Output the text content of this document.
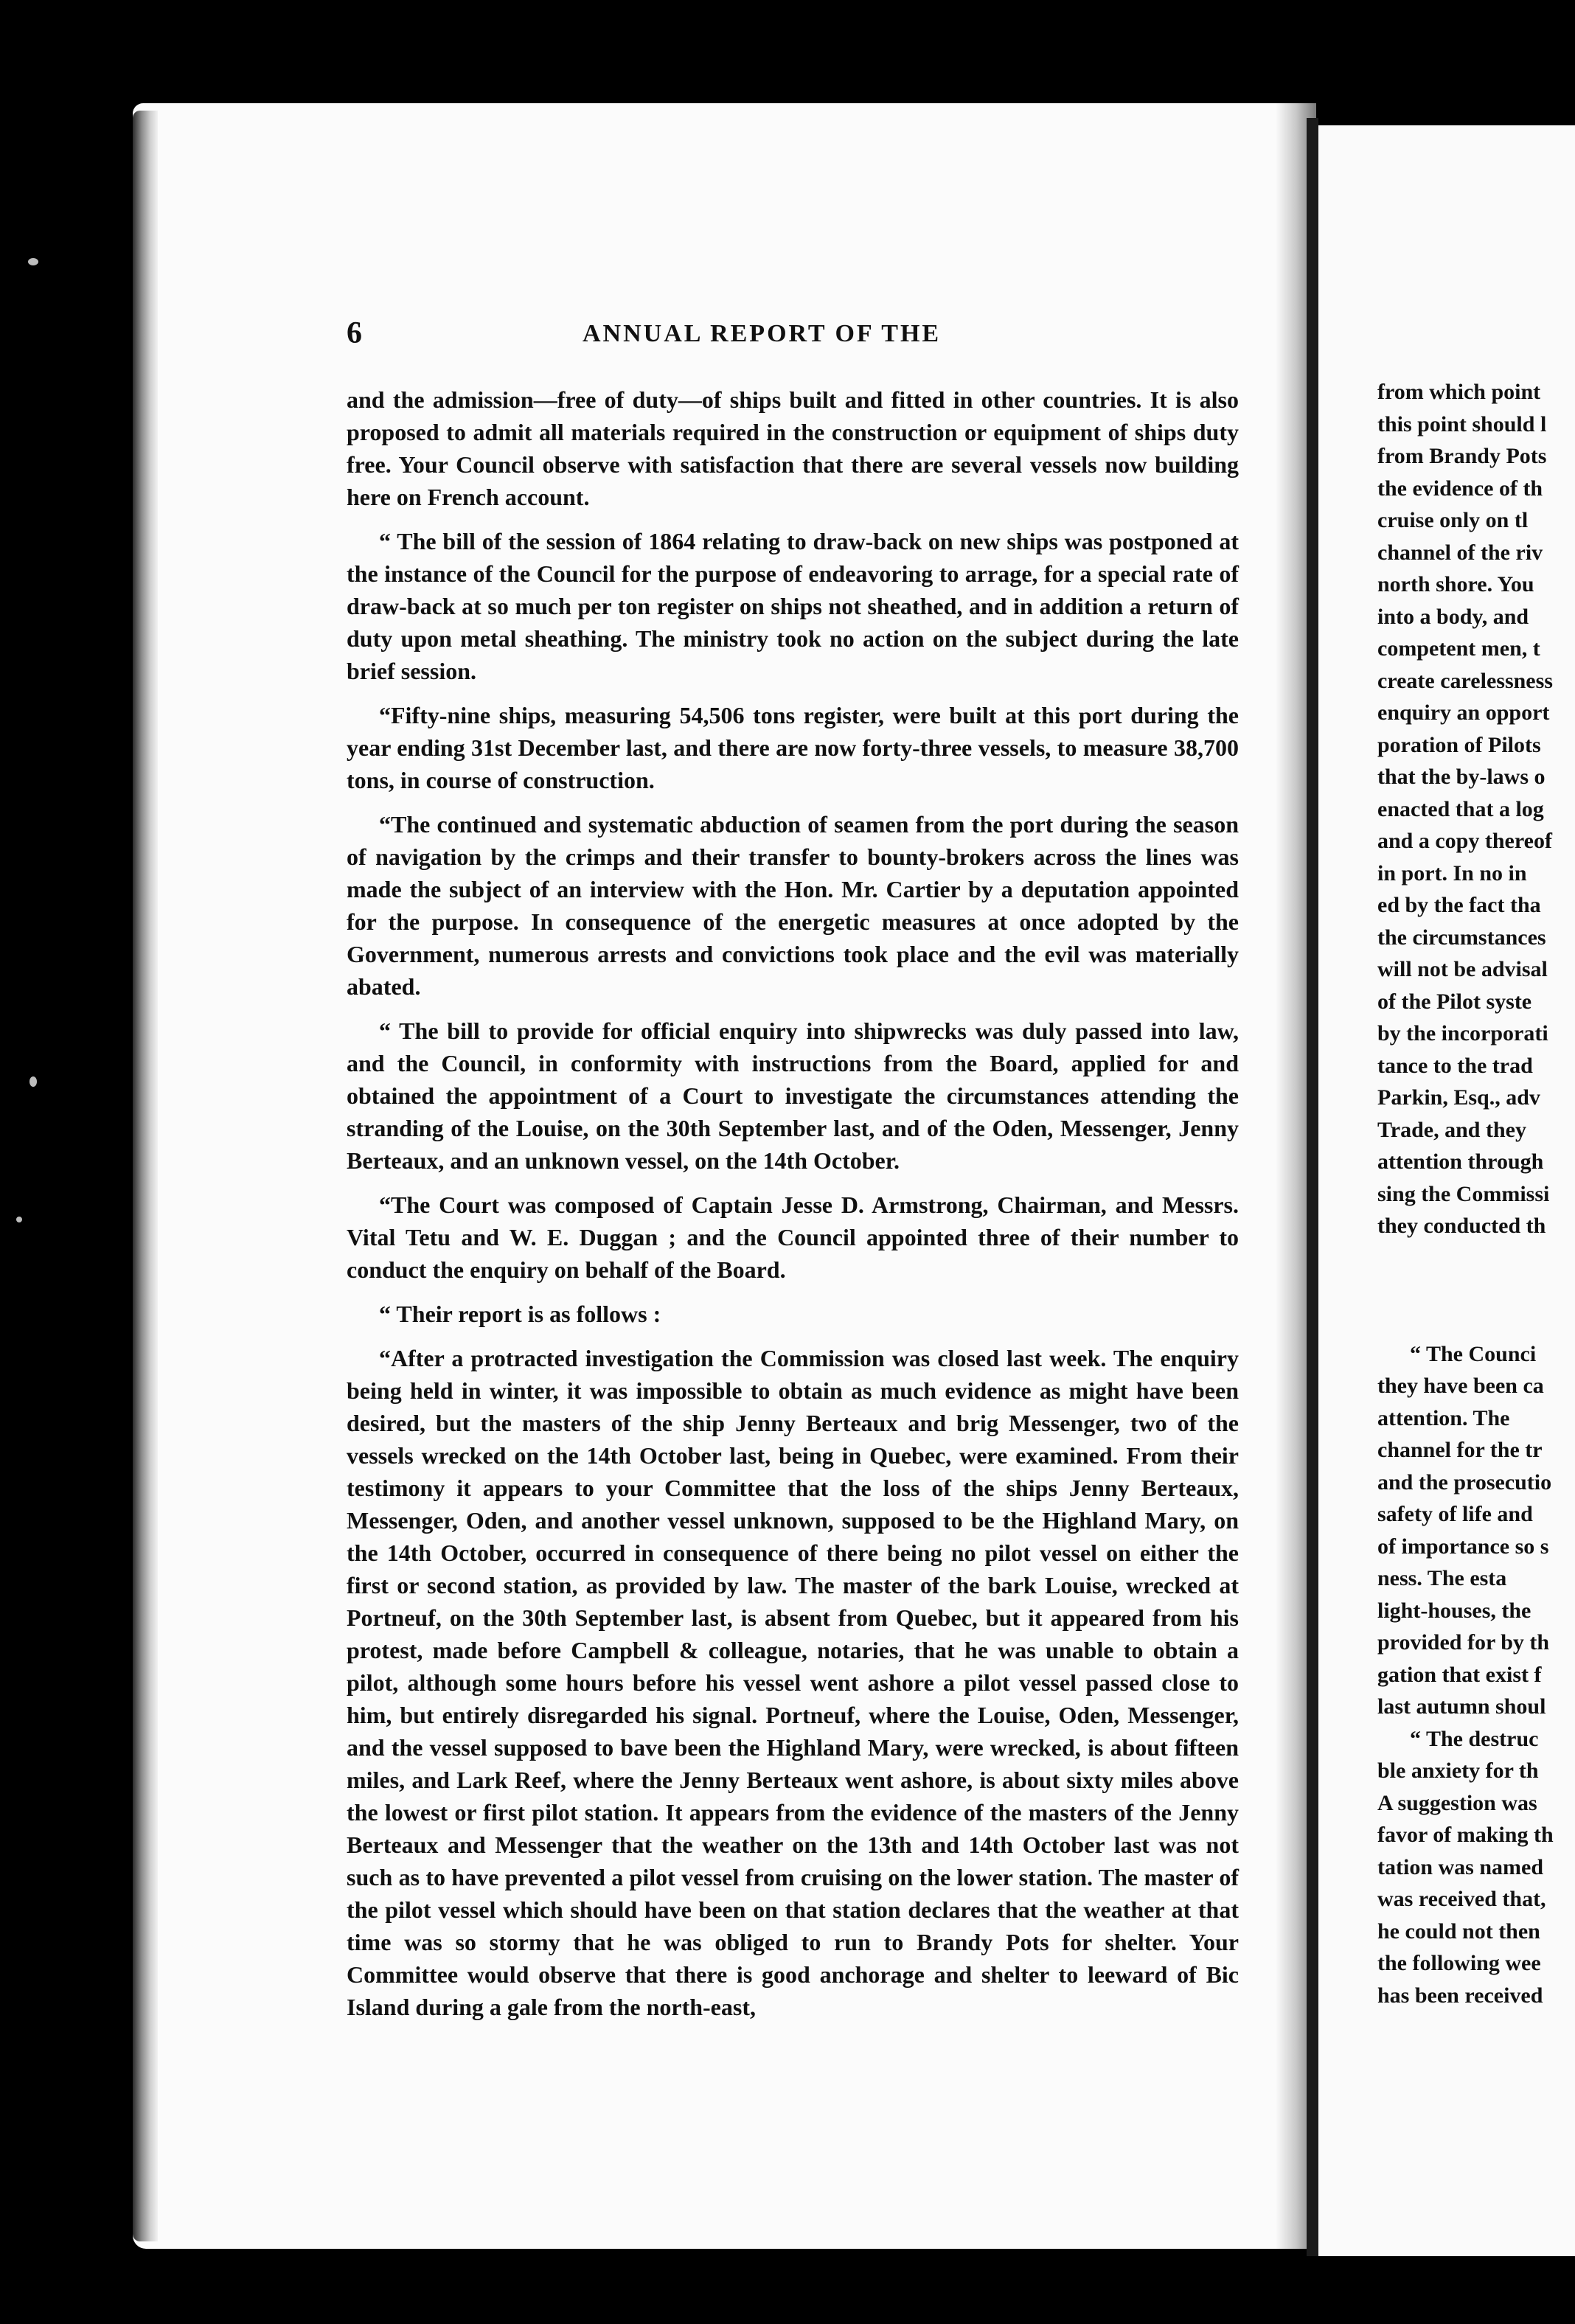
6	ANNUAL REPORT OF THE

and the admission—free of duty—of ships built and fitted in other countries. It is also proposed to admit all materials required in the construction or equipment of ships duty free. Your Council observe with satisfaction that there are several vessels now building here on French account.

“ The bill of the session of 1864 relating to draw-back on new ships was postponed at the instance of the Council for the purpose of endeavoring to arrage, for a special rate of draw-back at so much per ton register on ships not sheathed, and in addition a return of duty upon metal sheathing. The ministry took no action on the subject during the late brief session.

“Fifty-nine ships, measuring 54,506 tons register, were built at this port during the year ending 31st December last, and there are now forty-three vessels, to measure 38,700 tons, in course of construction.

“The continued and systematic abduction of seamen from the port during the season of navigation by the crimps and their transfer to bounty-brokers across the lines was made the subject of an interview with the Hon. Mr. Cartier by a deputation appointed for the purpose. In consequence of the energetic measures at once adopted by the Government, numerous arrests and convictions took place and the evil was materially abated.

“ The bill to provide for official enquiry into shipwrecks was duly passed into law, and the Council, in conformity with instructions from the Board, applied for and obtained the appointment of a Court to investigate the circumstances attending the stranding of the Louise, on the 30th September last, and of the Oden, Messenger, Jenny Berteaux, and an unknown vessel, on the 14th October.

“The Court was composed of Captain Jesse D. Armstrong, Chairman, and Messrs. Vital Tetu and W. E. Duggan ; and the Council appointed three of their number to conduct the enquiry on behalf of the Board.

“ Their report is as follows :

“After a protracted investigation the Commission was closed last week. The enquiry being held in winter, it was impossible to obtain as much evidence as might have been desired, but the masters of the ship Jenny Berteaux and brig Messenger, two of the vessels wrecked on the 14th October last, being in Quebec, were examined. From their testimony it appears to your Committee that the loss of the ships Jenny Berteaux, Messenger, Oden, and another vessel unknown, supposed to be the Highland Mary, on the 14th October, occurred in consequence of there being no pilot vessel on either the first or second station, as provided by law. The master of the bark Louise, wrecked at Portneuf, on the 30th September last, is absent from Quebec, but it appeared from his protest, made before Campbell & colleague, notaries, that he was unable to obtain a pilot, although some hours before his vessel went ashore a pilot vessel passed close to him, but entirely disregarded his signal. Portneuf, where the Louise, Oden, Messenger, and the vessel supposed to bave been the Highland Mary, were wrecked, is about fifteen miles, and Lark Reef, where the Jenny Berteaux went ashore, is about sixty miles above the lowest or first pilot station. It appears from the evidence of the masters of the Jenny Berteaux and Messenger that the weather on the 13th and 14th October last was not such as to have prevented a pilot vessel from cruising on the lower station. The master of the pilot vessel which should have been on that station declares that the weather at that time was so stormy that he was obliged to run to Brandy Pots for shelter. Your Committee would observe that there is good anchorage and shelter to leeward of Bic Island during a gale from the north-east,

from which point
this point should l
from Brandy Pots
the evidence of th
cruise only on tl
channel of the riv
north shore. You
into a body, and
competent men, t
create carelessness
enquiry an opport
poration of Pilots
that the by-laws o
enacted that a log
and a copy thereof
in port. In no in
ed by the fact tha
the circumstances
will not be advisal
of the Pilot syste
by the incorporati
tance to the trad
Parkin, Esq., adv
Trade, and they
attention through
sing the Commissi
they conducted th
“ The Counci
they have been ca
attention. The
channel for the tr
and the prosecutio
safety of life and
of importance so s
ness. The esta
light-houses, the
provided for by th
gation that exist f
last autumn shoul
“ The destruc
ble anxiety for th
A suggestion was
favor of making th
tation was named
was received that,
he could not then
the following wee
has been received
